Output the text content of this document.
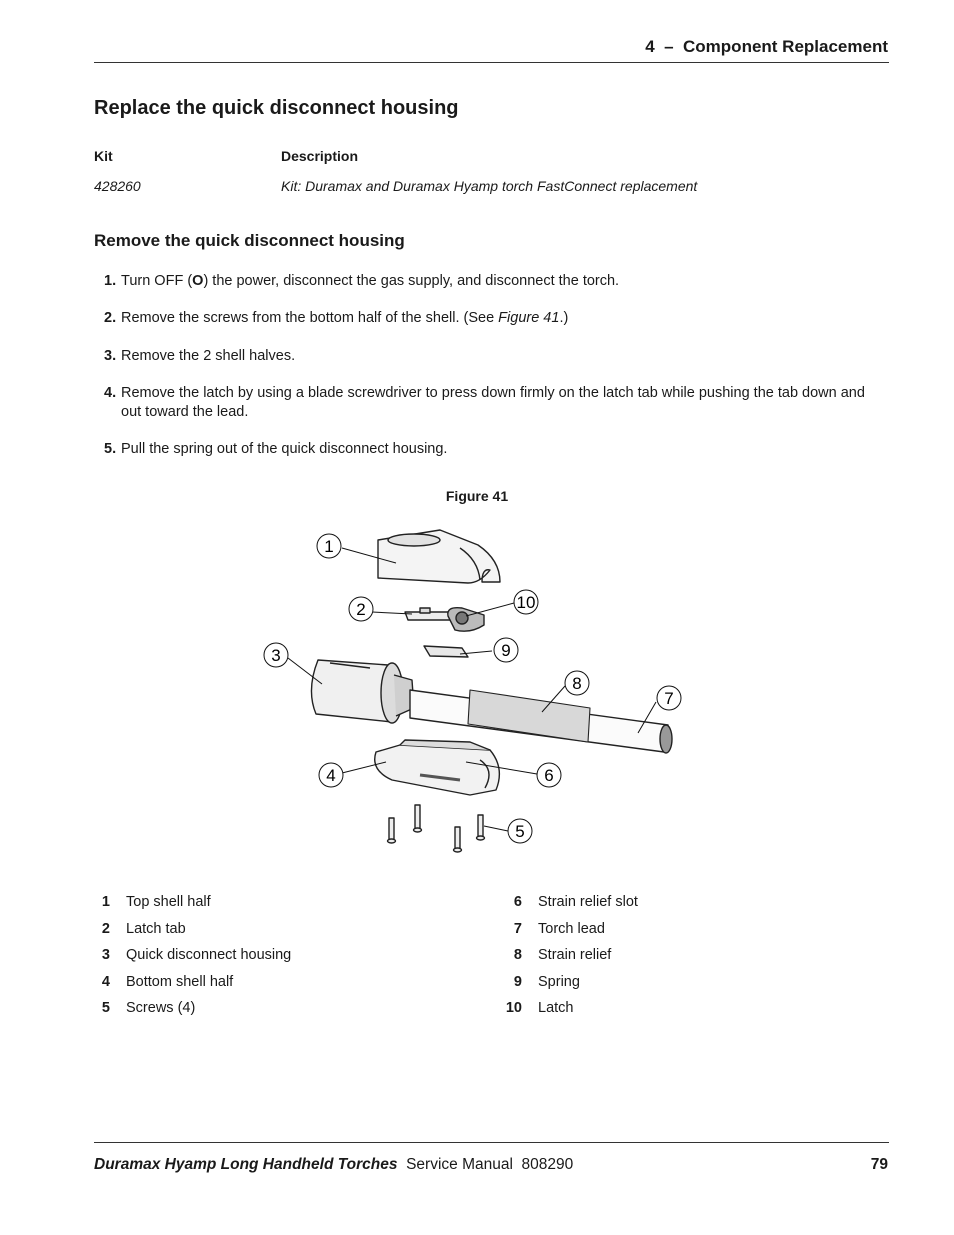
4  –  Component Replacement
Replace the quick disconnect housing
Kit	Description
428260	Kit: Duramax and Duramax Hyamp torch FastConnect replacement
Remove the quick disconnect housing
1. Turn OFF (O) the power, disconnect the gas supply, and disconnect the torch.
2. Remove the screws from the bottom half of the shell. (See Figure 41.)
3. Remove the 2 shell halves.
4. Remove the latch by using a blade screwdriver to press down firmly on the latch tab while pushing the tab down and out toward the lead.
5. Pull the spring out of the quick disconnect housing.
Figure 41
1
2
3
4
5
6
7
8
9
10
1	Top shell half
2	Latch tab
3	Quick disconnect housing
4	Bottom shell half
5	Screws (4)
6	Strain relief slot
7	Torch lead
8	Strain relief
9	Spring
10	Latch
Duramax Hyamp Long Handheld Torches Service Manual 808290	79
